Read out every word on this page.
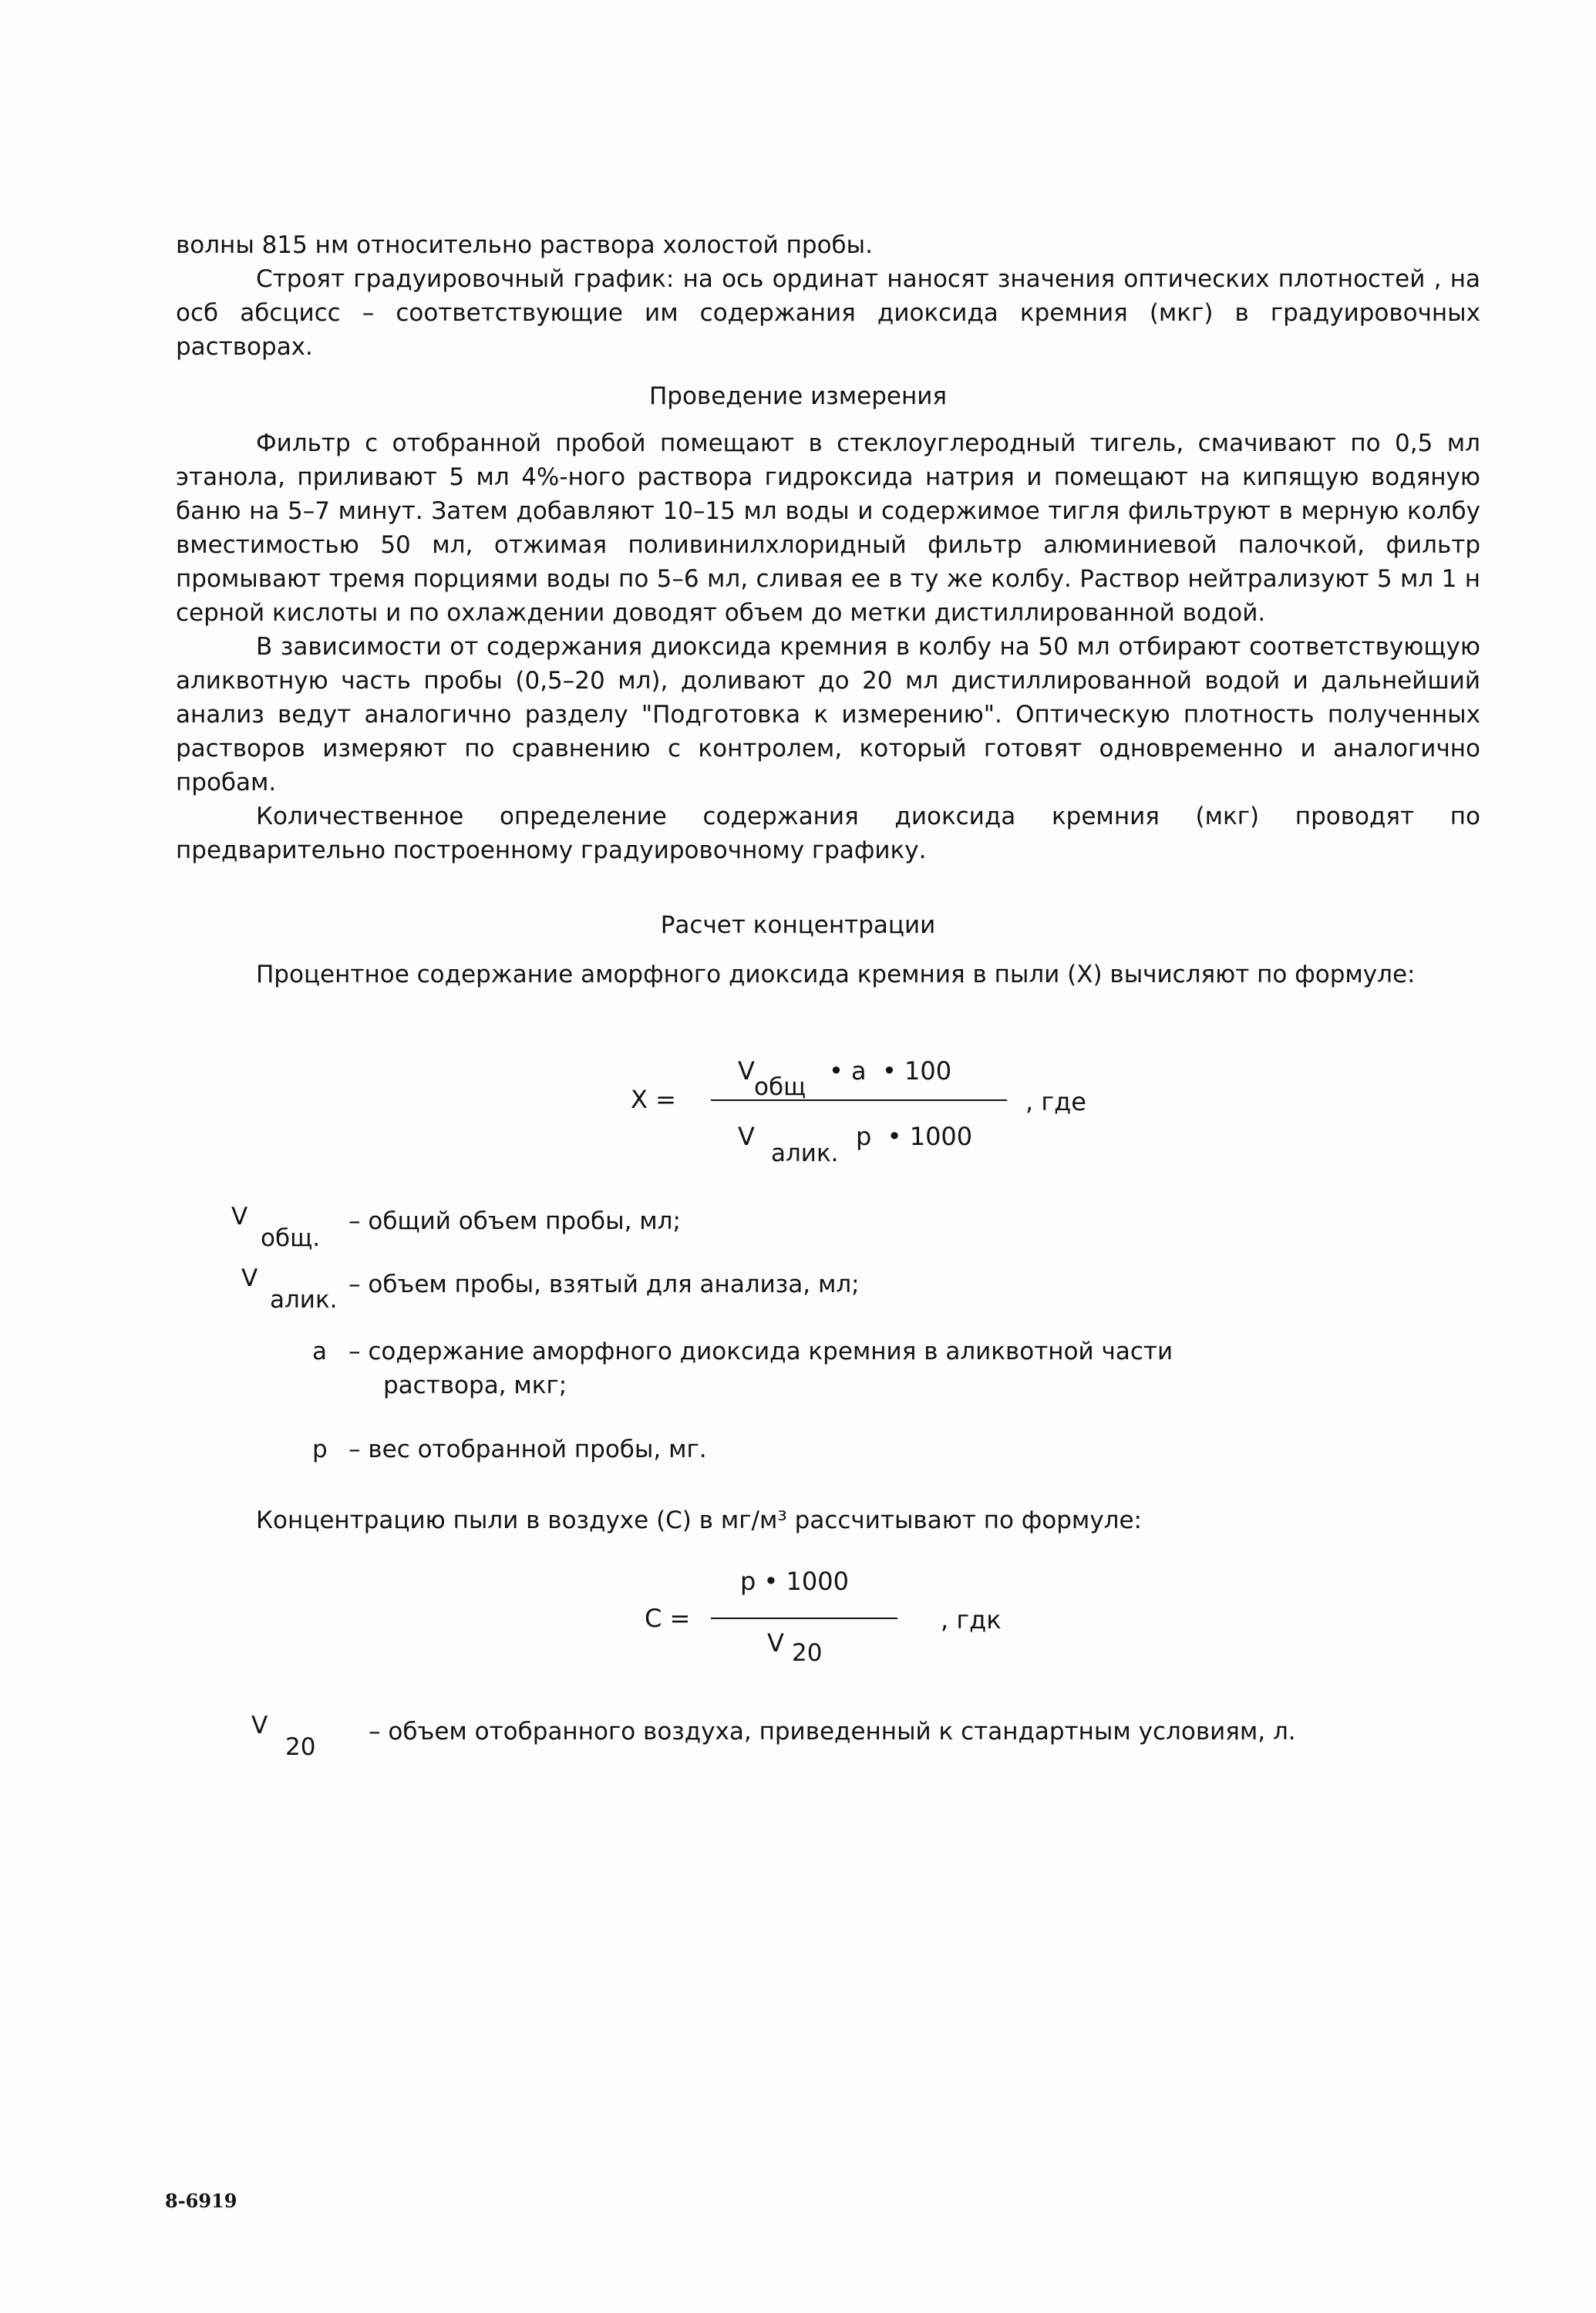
волны 815 нм относительно раствора холостой пробы.

Строят градуировочный график: на ось ординат наносят значения оптических плотностей , на осб абсцисс – соответствующие им содержания диоксида кремния (мкг) в градуировочных растворах.

Проведение измерения

Фильтр с отобранной пробой помещают в стеклоуглеродный тигель, смачивают по 0,5 мл этанола, приливают 5 мл 4%-ного раствора гидроксида натрия и помещают на кипящую водяную баню на 5–7 минут. Затем добавляют 10–15 мл воды и содержимое тигля фильтруют в мерную колбу вместимостью 50 мл, отжимая поливинилхлоридный фильтр алюминиевой палочкой, фильтр промывают тремя порциями воды по 5–6 мл, сливая ее в ту же колбу. Раствор нейтрализуют 5 мл 1 н серной кислоты и по охлаждении доводят объем до метки дистиллированной водой.

В зависимости от содержания диоксида кремния в колбу на 50 мл отбирают соответствующую аликвотную часть пробы (0,5–20 мл), доливают до 20 мл дистиллированной водой и дальнейший анализ ведут аналогично разделу "Подготовка к измерению". Оптическую плотность полученных растворов измеряют по сравнению с контролем, который готовят одновременно и аналогично пробам.

Количественное определение содержания диоксида кремния (мкг) проводят по предварительно построенному градуировочному графику.

Расчет концентрации

Процентное содержание аморфного диоксида кремния в пыли (X) вычисляют по формуле:

X =
V
общ
• a  • 100
V
алик.
p  • 1000
, где
V
общ.
– общий объем пробы, мл;
V
алик.
– объем пробы, взятый для анализа, мл;
a – содержание аморфного диоксида кремния в аликвотной части
раствора, мкг;
p – вес отобранной пробы, мг.

Концентрацию пыли в воздухе (С) в мг/м³ рассчитывают по формуле:

C =
p • 1000
V 20
, гдк
V
20
– объем отобранного воздуха, приведенный к стандартным условиям, л.
8-6919
